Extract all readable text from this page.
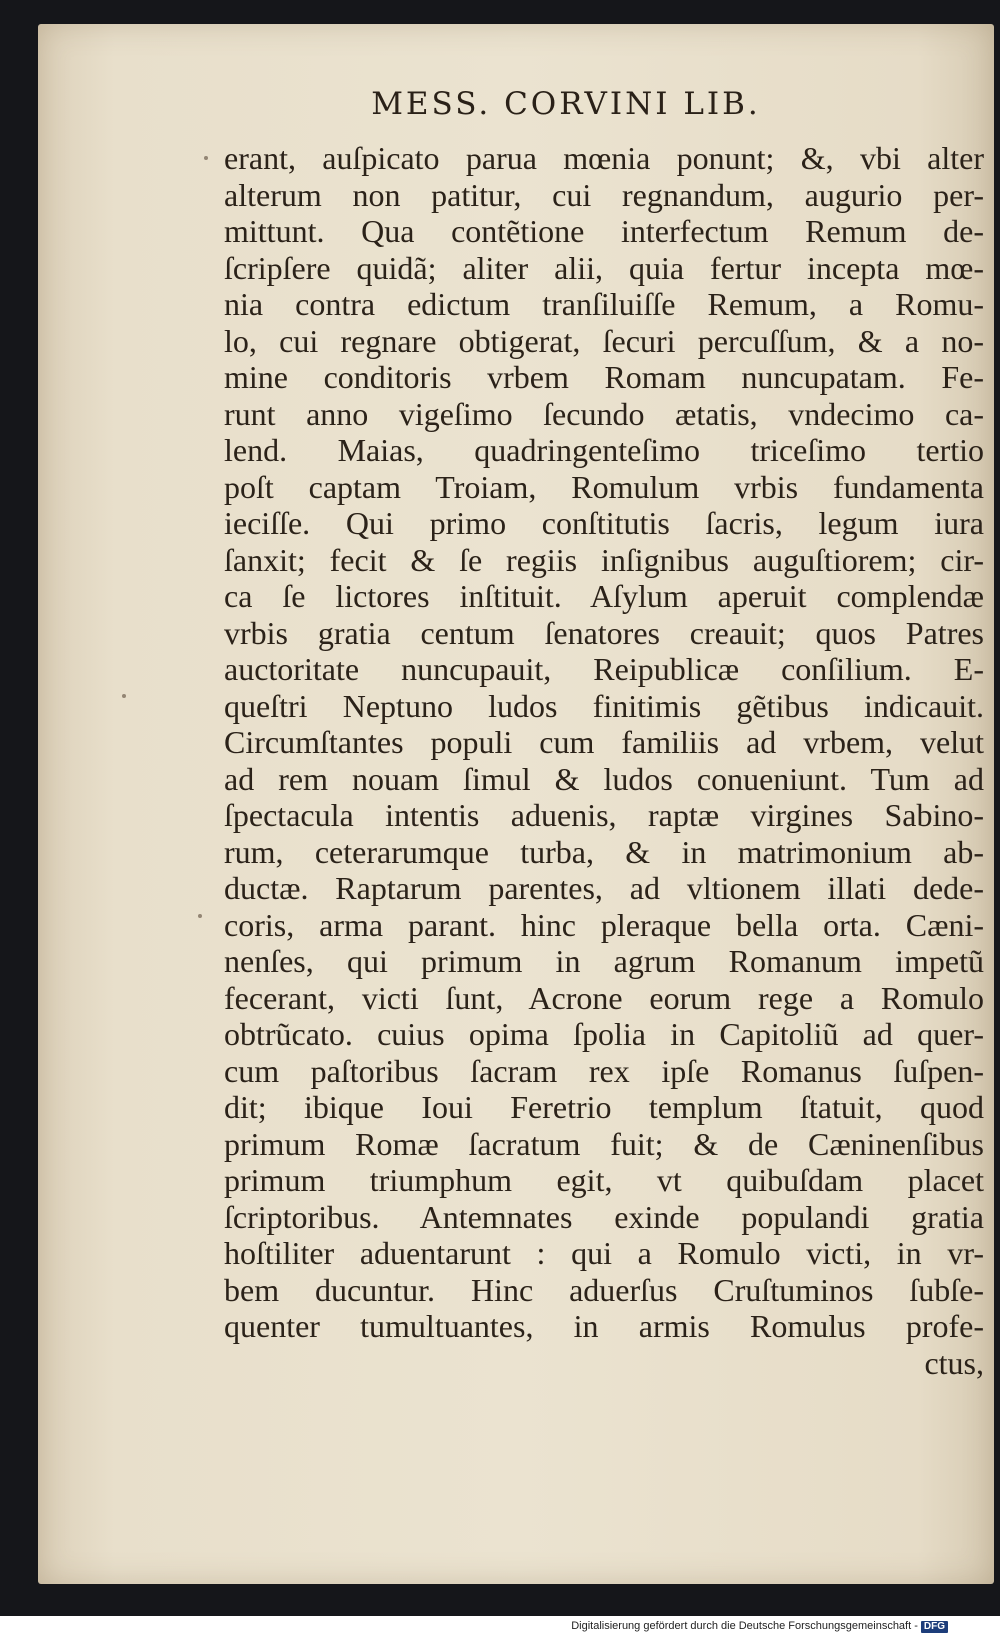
MESS. CORVINI LIB.
erant, auſpicato parua mœnia ponunt; &, vbi alter
alterum non patitur, cui regnandum, augurio per-
mittunt. Qua contẽtione interfectum Remum de-
ſcripſere quidã; aliter alii, quia fertur incepta mœ-
nia contra edictum tranſiluiſſe Remum, a Romu-
lo, cui regnare obtigerat, ſecuri percuſſum, & a no-
mine conditoris vrbem Romam nuncupatam. Fe-
runt anno vigeſimo ſecundo ætatis, vndecimo ca-
lend. Maias, quadringenteſimo triceſimo tertio
poſt captam Troiam, Romulum vrbis fundamenta
ieciſſe. Qui primo conſtitutis ſacris, legum iura
ſanxit; fecit & ſe regiis inſignibus auguſtiorem; cir-
ca ſe lictores inſtituit. Aſylum aperuit complendæ
vrbis gratia centum ſenatores creauit; quos Patres
auctoritate nuncupauit, Reipublicæ conſilium. E-
queſtri Neptuno ludos finitimis gẽtibus indicauit.
Circumſtantes populi cum familiis ad vrbem, velut
ad rem nouam ſimul & ludos conueniunt. Tum ad
ſpectacula intentis aduenis, raptæ virgines Sabino-
rum, ceterarumque turba, & in matrimonium ab-
ductæ. Raptarum parentes, ad vltionem illati dede-
coris, arma parant. hinc pleraque bella orta. Cæni-
nenſes, qui primum in agrum Romanum impetũ
fecerant, victi ſunt, Acrone eorum rege a Romulo
obtrũcato. cuius opima ſpolia in Capitoliũ ad quer-
cum paſtoribus ſacram rex ipſe Romanus ſuſpen-
dit; ibique Ioui Feretrio templum ſtatuit, quod
primum Romæ ſacratum fuit; & de Cæninenſibus
primum triumphum egit, vt quibuſdam placet
ſcriptoribus. Antemnates exinde populandi gratia
hoſtiliter aduentarunt : qui a Romulo victi, in vr-
bem ducuntur. Hinc aduerſus Cruſtuminos ſubſe-
quenter tumultuantes, in armis Romulus profe-
ctus,
Digitalisierung gefördert durch die Deutsche Forschungsgemeinschaft - DFG
